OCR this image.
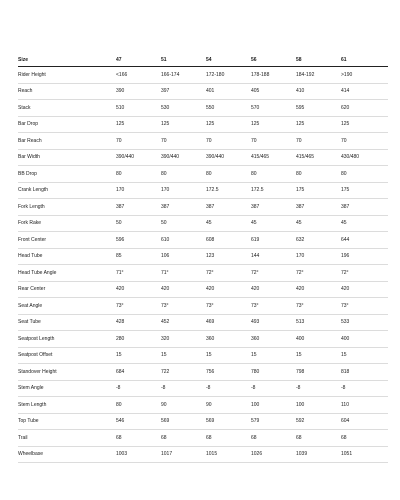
Size	47	51	54	56	58	61
Rider Height	<166	166-174	172-180	178-188	184-192	>190
Reach	390	397	401	405	410	414
Stack	510	530	550	570	595	620
Bar Drop	125	125	125	125	125	125
Bar Reach	70	70	70	70	70	70
Bar Width	390/440	390/440	390/440	415/465	415/465	430/480
BB Drop	80	80	80	80	80	80
Crank Length	170	170	172.5	172.5	175	175
Fork Length	387	387	387	387	387	387
Fork Rake	50	50	45	45	45	45
Front Center	596	610	608	619	632	644
Head Tube	85	106	123	144	170	196
Head Tube Angle	71°	71°	72°	72°	72°	72°
Rear Center	420	420	420	420	420	420
Seat Angle	73°	73°	73°	73°	73°	73°
Seat Tube	428	452	469	493	513	533
Seatpost Length	280	320	360	360	400	400
Seatpost Offset	15	15	15	15	15	15
Standover Height	684	722	756	780	798	818
Stem Angle	-8	-8	-8	-8	-8	-8
Stem Length	80	90	90	100	100	110
Top Tube	546	569	569	579	592	604
Trail	68	68	68	68	68	68
Wheelbase	1003	1017	1015	1026	1039	1051
